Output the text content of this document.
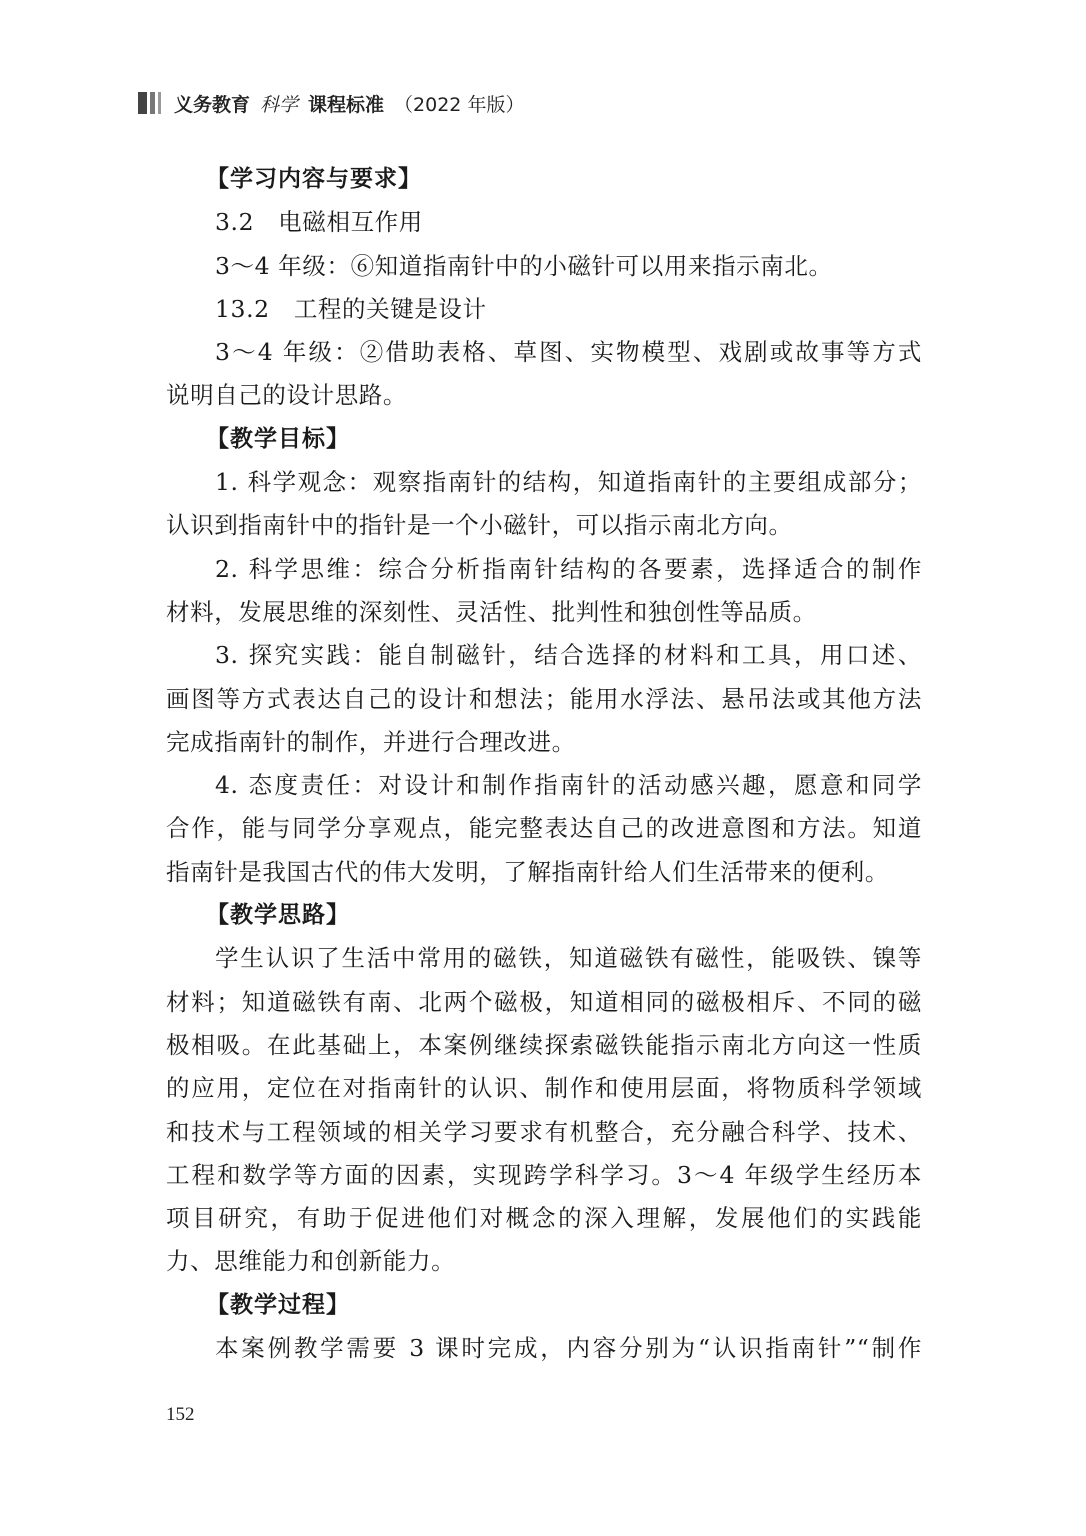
义务教育 科学 课程标准 （2022 年版）
【学习内容与要求】
3.2　电磁相互作用
3～4 年级：⑥知道指南针中的小磁针可以用来指示南北。
13.2　工程的关键是设计
3～4 年级：②借助表格、草图、实物模型、戏剧或故事等方式
说明自己的设计思路。
【教学目标】
1. 科学观念：观察指南针的结构，知道指南针的主要组成部分；
认识到指南针中的指针是一个小磁针，可以指示南北方向。
2. 科学思维：综合分析指南针结构的各要素，选择适合的制作
材料，发展思维的深刻性、灵活性、批判性和独创性等品质。
3. 探究实践：能自制磁针，结合选择的材料和工具，用口述、
画图等方式表达自己的设计和想法；能用水浮法、悬吊法或其他方法
完成指南针的制作，并进行合理改进。
4. 态度责任：对设计和制作指南针的活动感兴趣，愿意和同学
合作，能与同学分享观点，能完整表达自己的改进意图和方法。知道
指南针是我国古代的伟大发明，了解指南针给人们生活带来的便利。
【教学思路】
学生认识了生活中常用的磁铁，知道磁铁有磁性，能吸铁、镍等
材料；知道磁铁有南、北两个磁极，知道相同的磁极相斥、不同的磁
极相吸。在此基础上，本案例继续探索磁铁能指示南北方向这一性质
的应用，定位在对指南针的认识、制作和使用层面，将物质科学领域
和技术与工程领域的相关学习要求有机整合，充分融合科学、技术、
工程和数学等方面的因素，实现跨学科学习。3～4 年级学生经历本
项目研究，有助于促进他们对概念的深入理解，发展他们的实践能
力、思维能力和创新能力。
【教学过程】
本案例教学需要 3 课时完成，内容分别为“认识指南针”“制作
152
